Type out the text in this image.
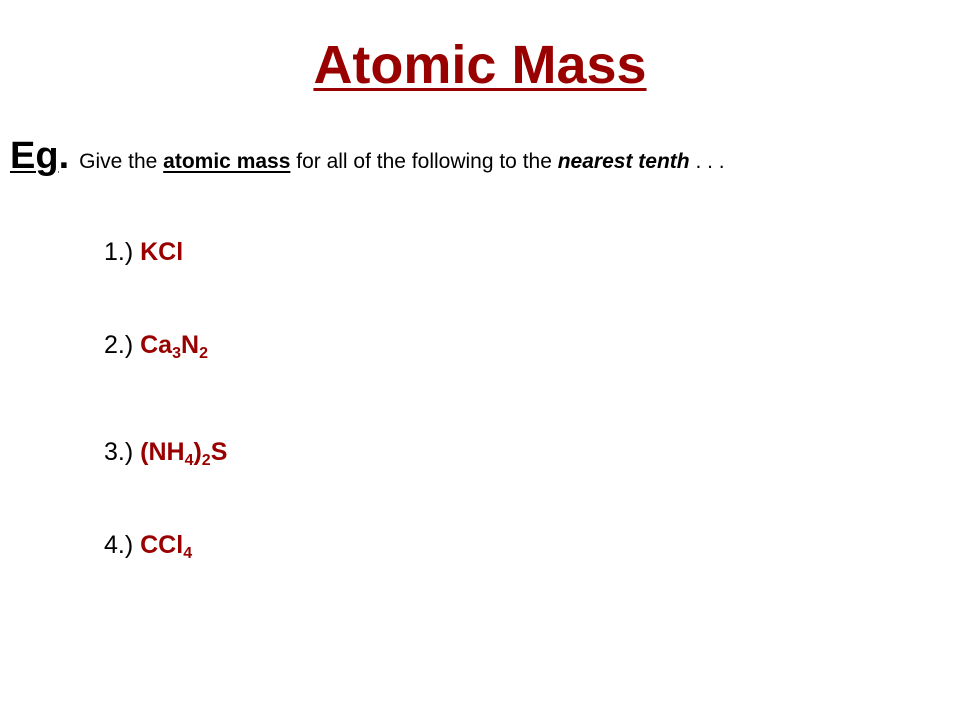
Atomic Mass
Eg. Give the atomic mass for all of the following to the nearest tenth . . .
1.) KCl
2.) $Ca_3N_2$
3.) $(NH_4)_2S$
4.) CCl$_4$
